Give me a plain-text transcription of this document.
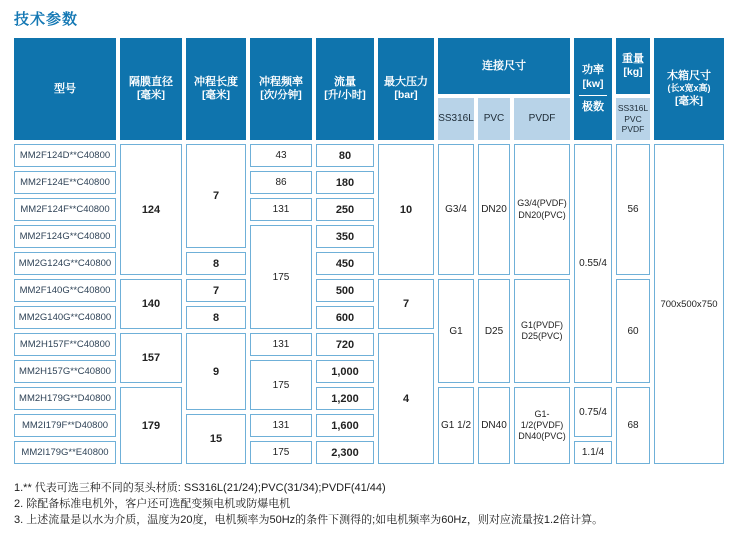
技术参数
型号
隔膜直径
[毫米]
冲程长度
[毫米]
冲程频率
[次/分钟]
流量
[升/小时]
最大压力
[bar]
连接尺寸
SS316L PVC PVDF
功率
[kw]
极数
重量
[kg]
SS316L
PVC
PVDF
木箱尺寸
(长x宽x高)
[毫米]
MM2F124D**C40800
MM2F124E**C40800
MM2F124F**C40800
MM2F124G**C40800
MM2G124G**C40800
MM2F140G**C40800
MM2G140G**C40800
MM2H157F**C40800
MM2H157G**C40800
MM2H179G**D40800
MM2I179F**D40800
MM2I179G**E40800
124
140
157
179
7
8
7
8
9
15
43
86
131
175
131
175
131
175
80
180
250
350
450
500
600
720
1,000
1,200
1,600
2,300
10
7
4
G3/4
G1
G1 1/2
DN20
D25
DN40
G3/4(PVDF)
DN20(PVC)
G1(PVDF)
D25(PVC)
G1-1/2(PVDF)
DN40(PVC)
0.55/4
0.75/4
1.1/4
56
60
68
700x500x750
1.** 代表可选三种不同的泵头材质: SS316L(21/24);PVC(31/34);PVDF(41/44)
2. 除配备标准电机外，客户还可选配变频电机或防爆电机
3. 上述流量是以水为介质，温度为20度，电机频率为50Hz的条件下测得的;如电机频率为60Hz，则对应流量按1.2倍计算。
